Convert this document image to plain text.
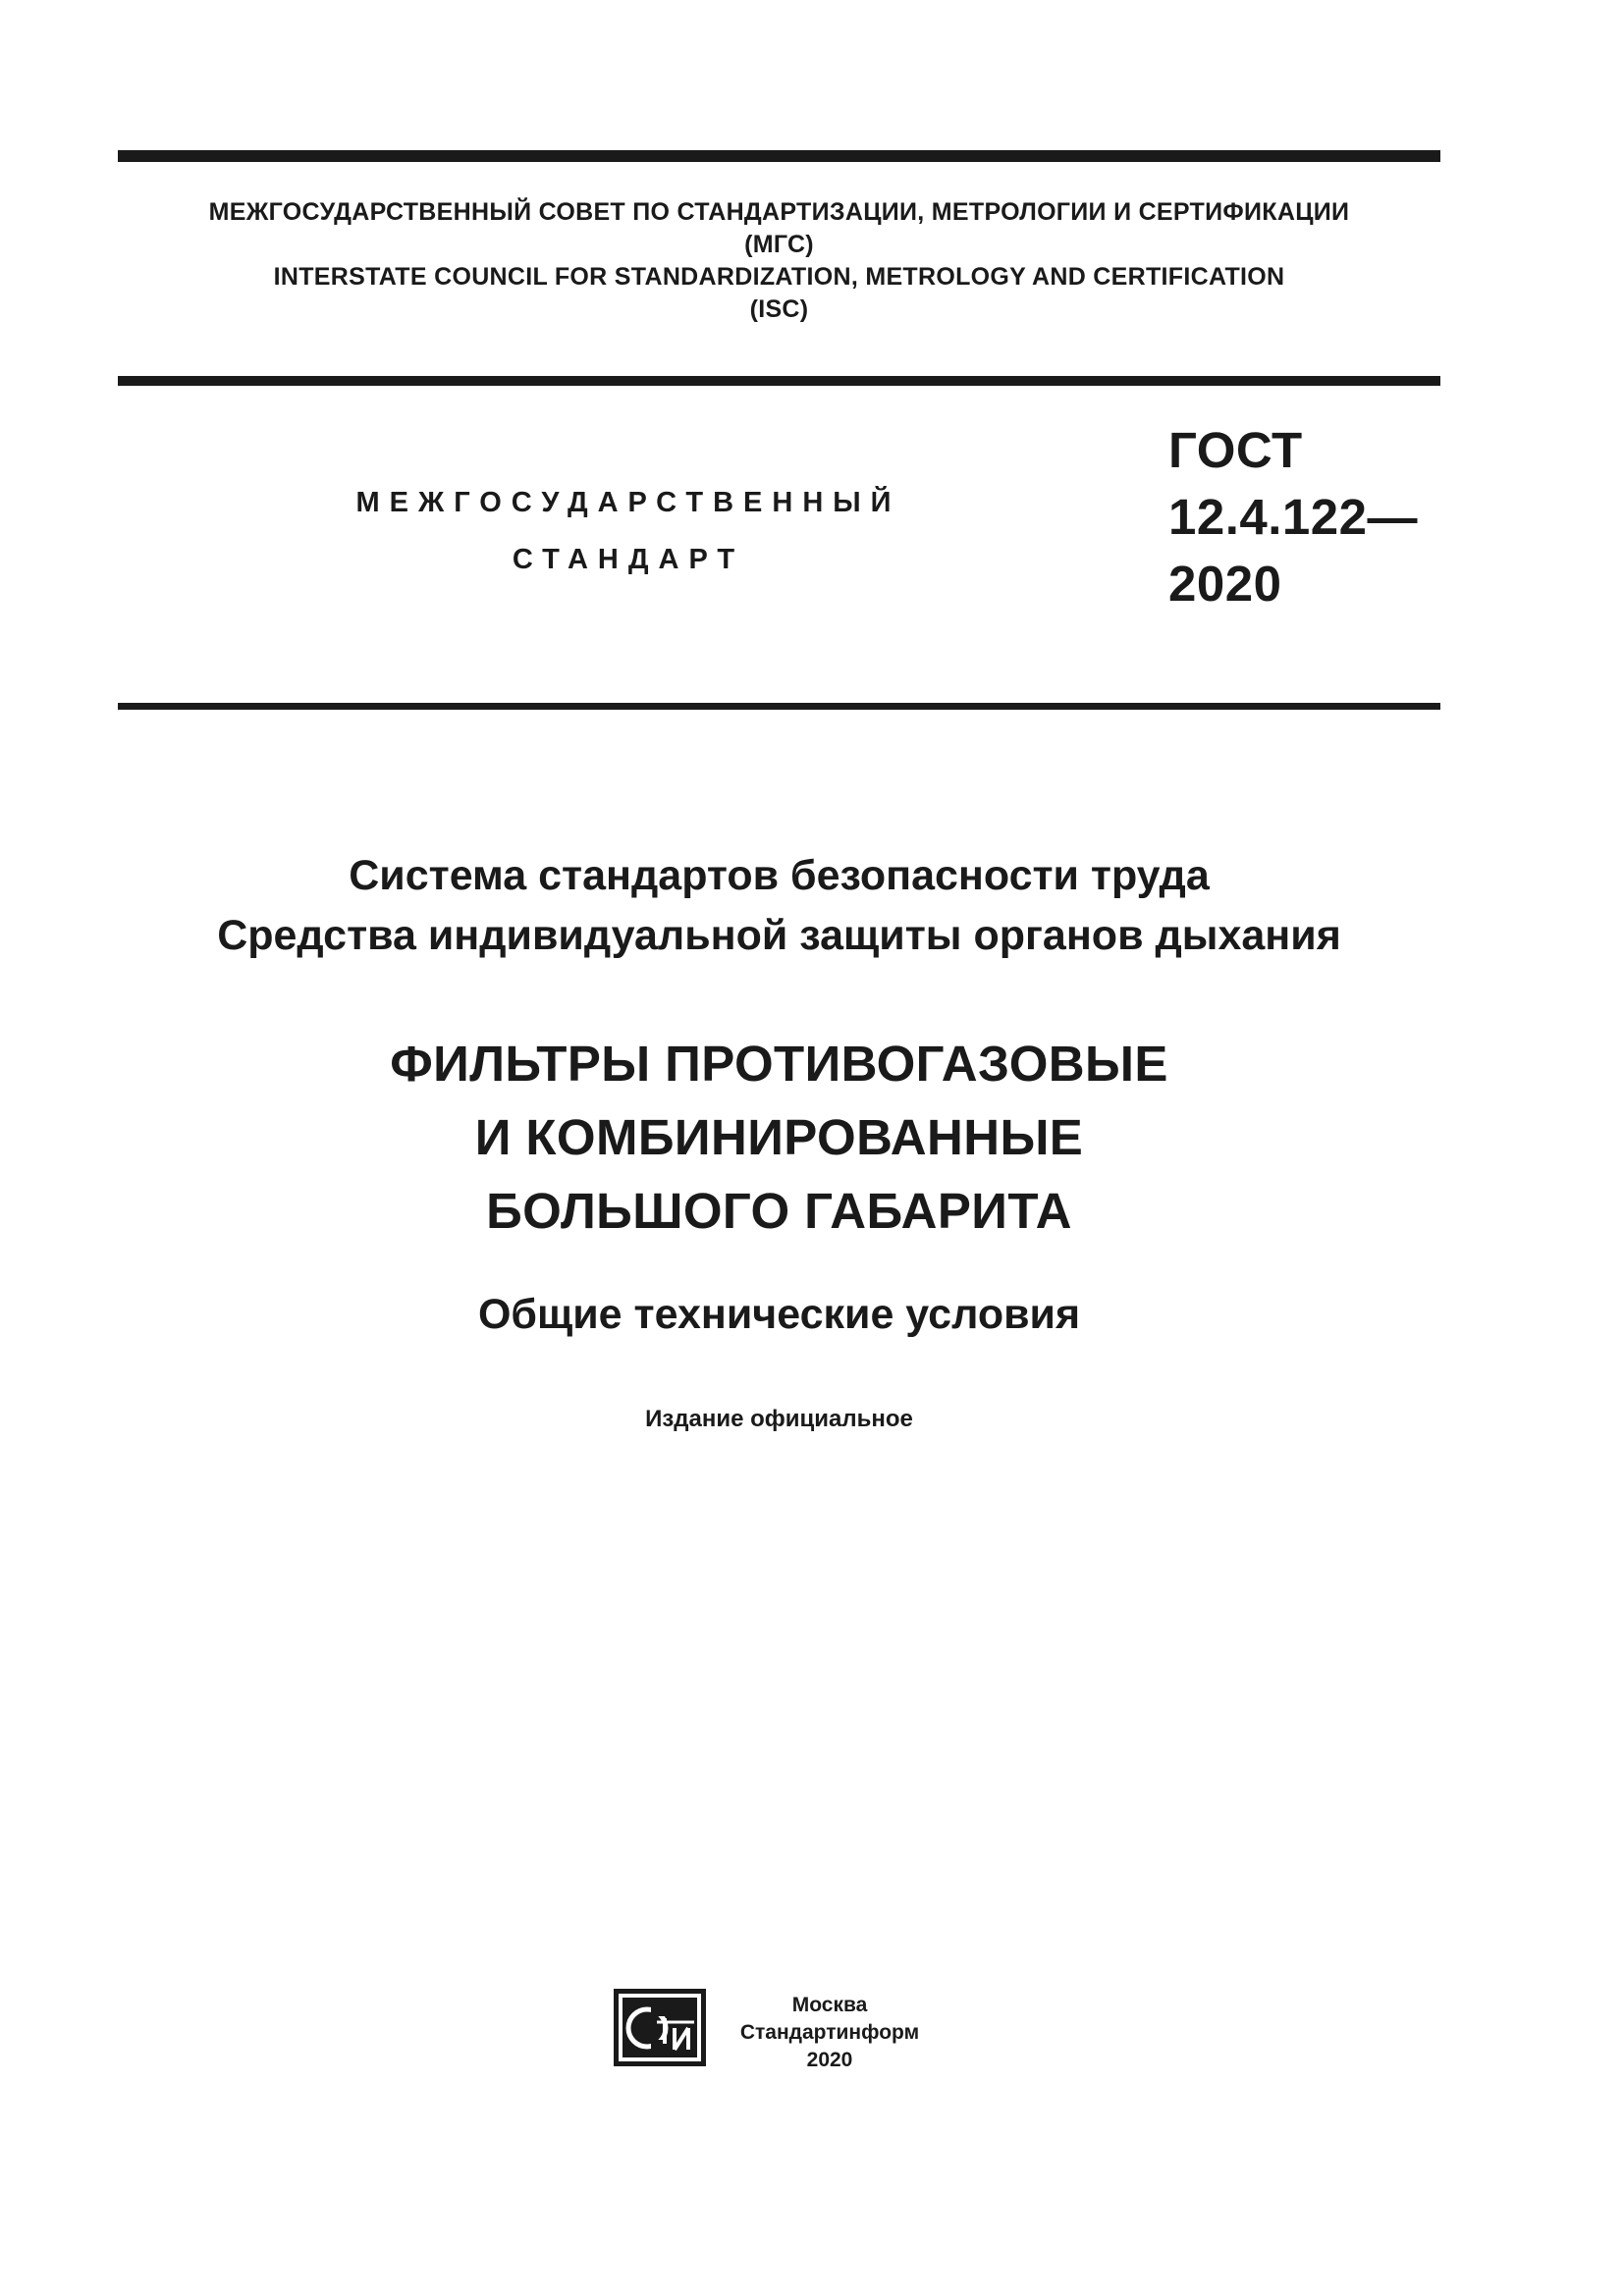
МЕЖГОСУДАРСТВЕННЫЙ СОВЕТ ПО СТАНДАРТИЗАЦИИ, МЕТРОЛОГИИ И СЕРТИФИКАЦИИ
(МГС)
INTERSTATE COUNCIL FOR STANDARDIZATION, METROLOGY AND CERTIFICATION
(ISC)
МЕЖГОСУДАРСТВЕННЫЙ
СТАНДАРТ
ГОСТ
12.4.122—
2020
Система стандартов безопасности труда
Средства индивидуальной защиты органов дыхания
ФИЛЬТРЫ ПРОТИВОГАЗОВЫЕ
И КОМБИНИРОВАННЫЕ
БОЛЬШОГО ГАБАРИТА
Общие технические условия
Издание официальное
Москва
Стандартинформ
2020
